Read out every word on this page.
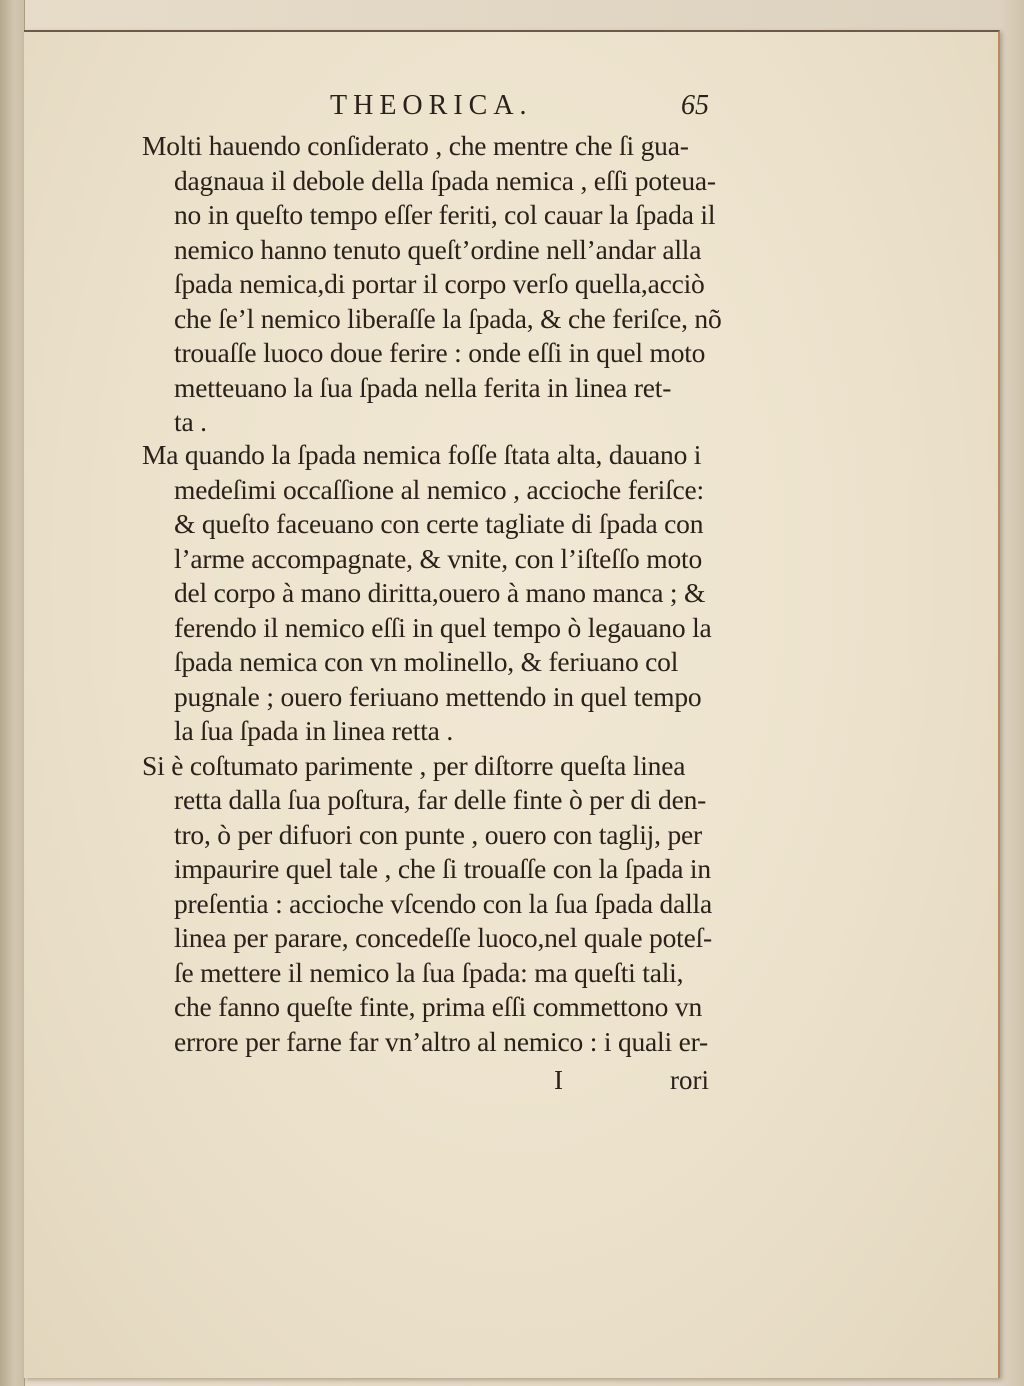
THEORICA.	65
Molti hauendo conſiderato , che mentre che ſi gua-
dagnaua il debole della ſpada nemica , eſſi poteua-
no in queſto tempo eſſer feriti, col cauar la ſpada il
nemico hanno tenuto queſt’ordine nell’andar alla
ſpada nemica,di portar il corpo verſo quella,acciò
che ſe’l nemico liberaſſe la ſpada, & che feriſce, nõ
trouaſſe luoco doue ferire : onde eſſi in quel moto
metteuano la ſua ſpada nella ferita in linea ret-
ta .
Ma quando la ſpada nemica foſſe ſtata alta, dauano i
medeſimi occaſſione al nemico , accioche feriſce:
& queſto faceuano con certe tagliate di ſpada con
l’arme accompagnate, & vnite, con l’iſteſſo moto
del corpo à mano diritta,ouero à mano manca ; &
ferendo il nemico eſſi in quel tempo ò legauano la
ſpada nemica con vn molinello, & feriuano col
pugnale ; ouero feriuano mettendo in quel tempo
la ſua ſpada in linea retta .
Si è coſtumato parimente , per diſtorre queſta linea
retta dalla ſua poſtura, far delle finte ò per di den-
tro, ò per difuori con punte , ouero con taglij, per
impaurire quel tale , che ſi trouaſſe con la ſpada in
preſentia : accioche vſcendo con la ſua ſpada dalla
linea per parare, concedeſſe luoco,nel quale poteſ-
ſe mettere il nemico la ſua ſpada: ma queſti tali,
che fanno queſte finte, prima eſſi commettono vn
errore per farne far vn’altro al nemico : i quali er-
I	rori
